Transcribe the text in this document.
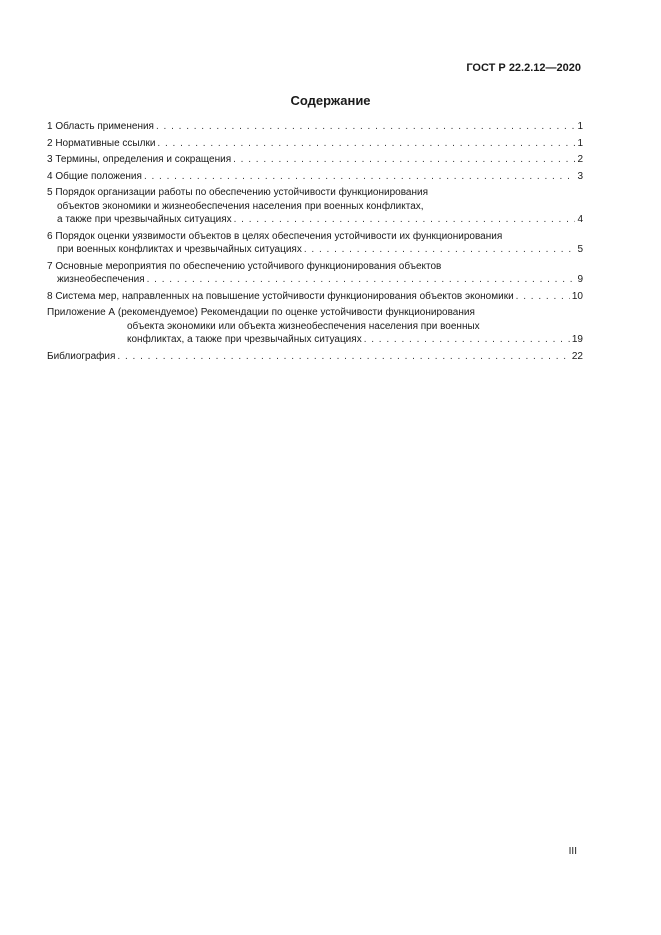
ГОСТ Р 22.2.12—2020
Содержание
1 Область применения . . .	1
2 Нормативные ссылки . . .	1
3 Термины, определения и сокращения . . .	2
4 Общие положения . . .	3
5 Порядок организации работы по обеспечению устойчивости функционирования
объектов экономики и жизнеобеспечения населения при военных конфликтах,
а также при чрезвычайных ситуациях . . .	4
6 Порядок оценки уязвимости объектов в целях обеспечения устойчивости их функционирования
при военных конфликтах и чрезвычайных ситуациях . . .	5
7 Основные мероприятия по обеспечению устойчивого функционирования объектов
жизнеобеспечения . . .	9
8 Система мер, направленных на повышение устойчивости функционирования объектов экономики . . .	10
Приложение А (рекомендуемое) Рекомендации по оценке устойчивости функционирования
объекта экономики или объекта жизнеобеспечения населения при военных
конфликтах, а также при чрезвычайных ситуациях . . .	19
Библиография . . .	22
III
